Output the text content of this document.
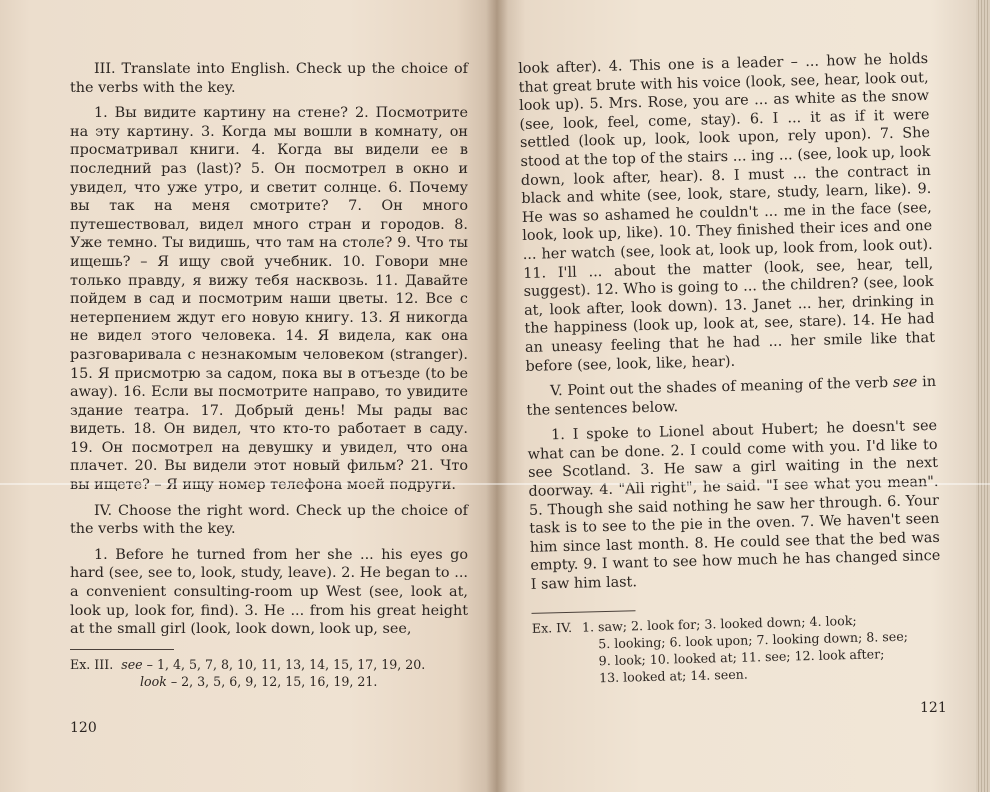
III. Translate into English. Check up the choice of the verbs with the key.

1. Вы видите картину на стене? 2. Посмотрите на эту картину. 3. Когда мы вошли в комнату, он просматривал книги. 4. Когда вы видели ее в последний раз (last)? 5. Он посмотрел в окно и увидел, что уже утро, и светит солнце. 6. Почему вы так на меня смотрите? 7. Он много путешествовал, видел много стран и городов. 8. Уже темно. Ты видишь, что там на столе? 9. Что ты ищешь? – Я ищу свой учебник. 10. Говори мне только правду, я вижу тебя насквозь. 11. Давайте пойдем в сад и посмотрим наши цветы. 12. Все с нетерпением ждут его новую книгу. 13. Я никогда не видел этого человека. 14. Я видела, как она разговаривала с незнакомым человеком (stranger). 15. Я присмотрю за садом, пока вы в отъезде (to be away). 16. Если вы посмотрите направо, то увидите здание театра. 17. Добрый день! Мы рады вас видеть. 18. Он видел, что кто-то работает в саду. 19. Он посмотрел на девушку и увидел, что она плачет. 20. Вы видели этот новый фильм? 21. Что вы ищете? – Я ищу номер телефона моей подруги.

IV. Choose the right word. Check up the choice of the verbs with the key.

1. Before he turned from her she ... his eyes go hard (see, see to, look, study, leave). 2. He began to ... a convenient consulting-room up West (see, look at, look up, look for, find). 3. He ... from his great height at the small girl (look, look down, look up, see,

Ex. III. see – 1, 4, 5, 7, 8, 10, 11, 13, 14, 15, 17, 19, 20.
look – 2, 3, 5, 6, 9, 12, 15, 16, 19, 21.
120

look after). 4. This one is a leader – ... how he holds that great brute with his voice (look, see, hear, look out, look up). 5. Mrs. Rose, you are ... as white as the snow (see, look, feel, come, stay). 6. I ... it as if it were settled (look up, look, look upon, rely upon). 7. She stood at the top of the stairs ... ing ... (see, look up, look down, look after, hear). 8. I must ... the contract in black and white (see, look, stare, study, learn, like). 9. He was so ashamed he couldn't ... me in the face (see, look, look up, like). 10. They finished their ices and one ... her watch (see, look at, look up, look from, look out). 11. I'll ... about the matter (look, see, hear, tell, suggest). 12. Who is going to ... the children? (see, look at, look after, look down). 13. Janet ... her, drinking in the happiness (look up, look at, see, stare). 14. He had an uneasy feeling that he had ... her smile like that before (see, look, like, hear).

V. Point out the shades of meaning of the verb see in the sentences below.

1. I spoke to Lionel about Hubert; he doesn't see what can be done. 2. I could come with you. I'd like to see Scotland. 3. He saw a girl waiting in the next doorway. 4. "All right", he said. "I see what you mean". 5. Though she said nothing he saw her through. 6. Your task is to see to the pie in the oven. 7. We haven't seen him since last month. 8. He could see that the bed was empty. 9. I want to see how much he has changed since I saw him last.

Ex. IV. 1. saw; 2. look for; 3. looked down; 4. look;
5. looking; 6. look upon; 7. looking down; 8. see;
9. look; 10. looked at; 11. see; 12. look after;
13. looked at; 14. seen.
121
